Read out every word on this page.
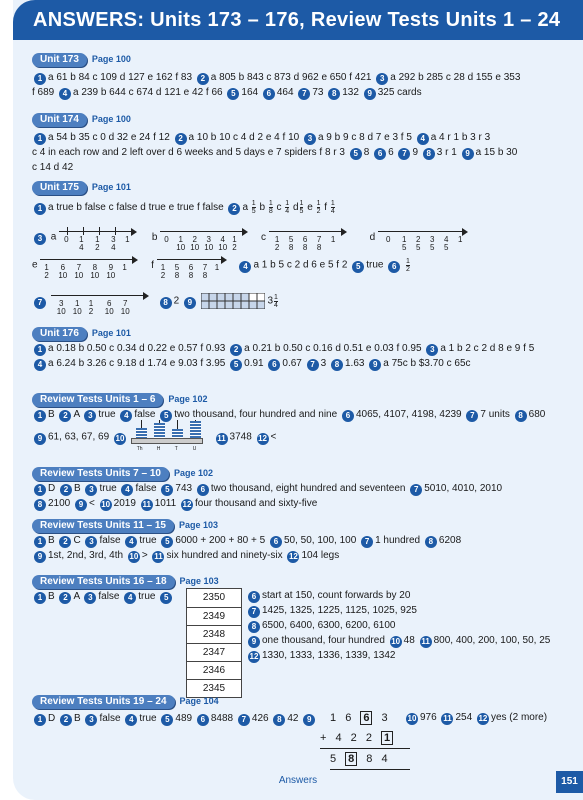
ANSWERS: Units 173 – 176, Review Tests Units 1 – 24
Unit 173 Page 100
1 a 61 b 84 c 109 d 127 e 162 f 83 2 a 805 b 843 c 873 d 962 e 650 f 421 3 a 292 b 285 c 28 d 155 e 353
f 689 4 a 239 b 644 c 674 d 121 e 42 f 66 5 164 6 464 7 73 8 132 9 325 cards
Unit 174 Page 100
1 a 54 b 35 c 0 d 32 e 24 f 12 2 a 10 b 10 c 4 d 2 e 4 f 10 3 a 9 b 9 c 8 d 7 e 3 f 5 4 a 4 r 1 b 3 r 3
c 4 in each row and 2 left over d 6 weeks and 5 days e 7 spiders f 8 r 3 5 8 6 6 7 9 8 3 r 1 9 a 15 b 30
c 14 d 42
Unit 175 Page 101
1 a true b false c false d true e true f false 2 a $\frac{1}{5}$ b $\frac{1}{8}$ c $\frac{1}{4}$ d $\frac{1}{5}$ e $\frac{1}{2}$ f $\frac{1}{4}$
3 a 0 1
4
1
2
3
4
1 b 0 1
10
2
10
3
10
4
10
1
2
c 1
2
5
8
6
8
7
8
1	d 0 1
5
2
5
3
5
4
5
1
e 1
2
6
10
7
10
8
10
9
10
1 f 1
2
5
8
6
8
7
8
1	4 a 1 b 5 c 2 d 6 e 5 f 2 5 true $6 \frac{1}{2}$
7 3
10
1
10
1
2
6
10
7
10
8 2 9	$3 \frac{1}{4}$
Unit 176 Page 101
1 a 0.18 b 0.50 c 0.34 d 0.22 e 0.57 f 0.93 2 a 0.21 b 0.50 c 0.16 d 0.51 e 0.03 f 0.95 3 a 1 b 2 c 2 d 8 e 9 f 5
4 a 6.24 b 3.26 c 9.18 d 1.74 e 9.03 f 3.95 5 0.91 6 0.67 7 3 8 1.63 9 a 75c b $3.70 c 65c
Review Tests Units 1 – 6 Page 102
1 B 2 A 3 true 4 false 5 two thousand, four hundred and nine 6 4065, 4107, 4198, 4239 7 7 units 8 680
9 61, 63, 67, 69 10
Th	H	T	U
11 3748 12 <
Review Tests Units 7 – 10 Page 102
1 D 2 B 3 true 4 false 5 743 6 two thousand, eight hundred and seventeen 7 5010, 4010, 2010
8 2100 9 < 10 2019 11 1011 12 four thousand and sixty-five
Review Tests Units 11 – 15 Page 103
1 B 2 C 3 false 4 true 5 6000 + 200 + 80 + 5 6 50, 50, 100, 100 7 1 hundred 8 6208
9 1st, 2nd, 3rd, 4th 10 > 11 six hundred and ninety-six 12 104 legs
Review Tests Units 16 – 18 Page 103
1 B 2 A 3 false 4 true 5	2350
2349
2348
2347
2346
2345
6 start at 150, count forwards by 20
7 1425, 1325, 1225, 1125, 1025, 925
8 6500, 6400, 6300, 6200, 6100
9 one thousand, four hundred 10 48 11 800, 400, 200, 100, 50, 25
12 1330, 1333, 1336, 1339, 1342
Review Tests Units 19 – 24 Page 104
1 D 2 B 3 false 4 true 5 489 6 8488 7 426 8 42 9	1 6 6 3
+ 4 2 2 1
5 8 8 4
10 976 11 254 12 yes (2 more)
Answers	151
